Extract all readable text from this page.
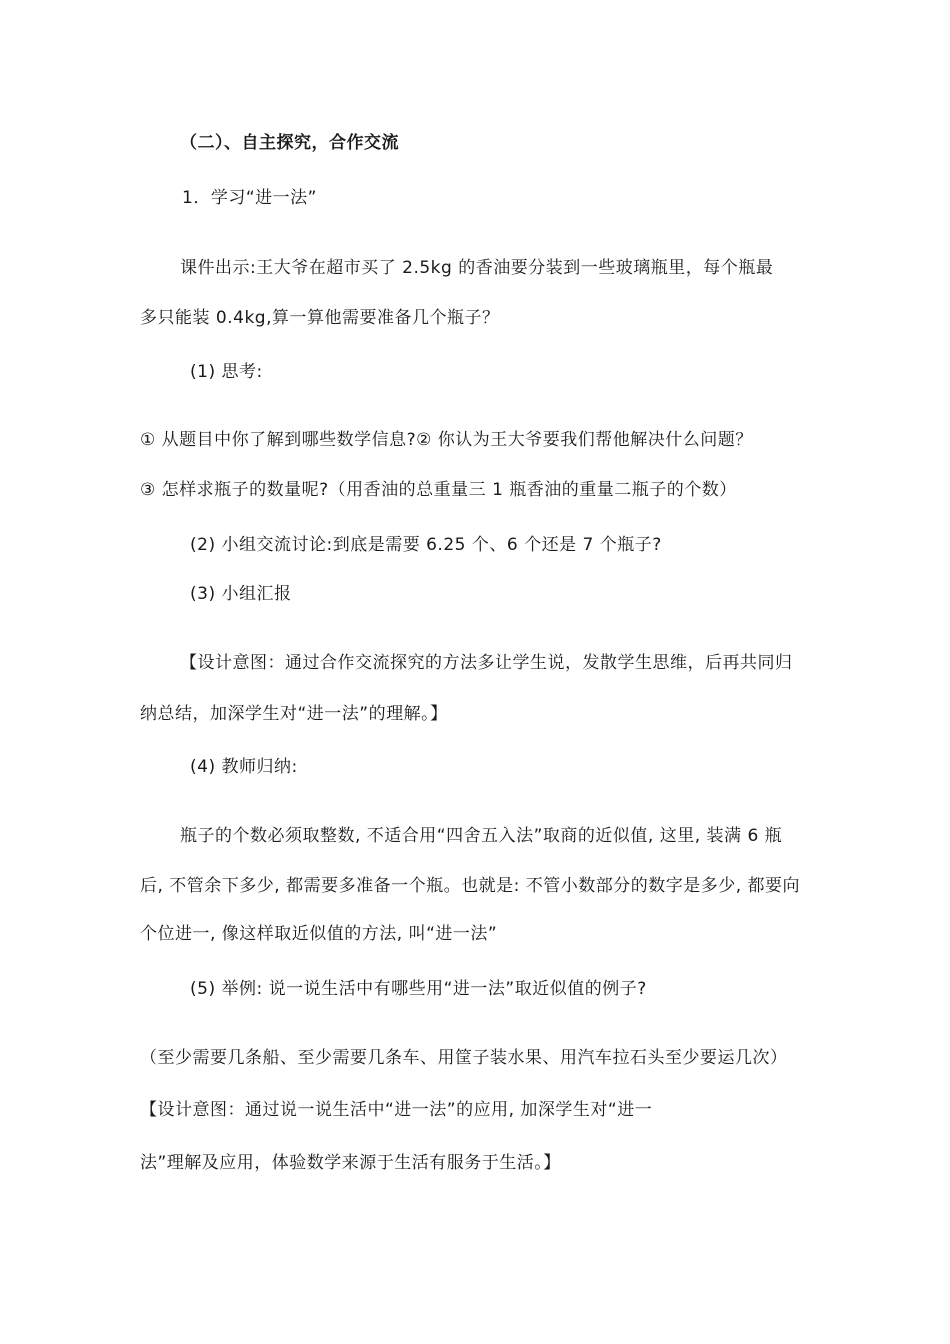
（二）、自主探究，合作交流
1．学习“进一法”
课件出示:王大爷在超市买了 2.5kg 的香油要分装到一些玻璃瓶里，每个瓶最
多只能装 0.4kg,算一算他需要准备几个瓶子？
(1) 思考:
① 从题目中你了解到哪些数学信息?② 你认为王大爷要我们帮他解决什么问题？
③ 怎样求瓶子的数量呢?（用香油的总重量三 1 瓶香油的重量二瓶子的个数）
(2) 小组交流讨论:到底是需要 6.25 个、6 个还是 7 个瓶子?
(3) 小组汇报
【设计意图：通过合作交流探究的方法多让学生说，发散学生思维，后再共同归
纳总结，加深学生对“进一法”的理解。】
(4) 教师归纳:
瓶子的个数必须取整数, 不适合用“四舍五入法”取商的近似值, 这里, 装满 6 瓶
后, 不管余下多少, 都需要多准备一个瓶。也就是: 不管小数部分的数字是多少, 都要向
个位进一, 像这样取近似值的方法, 叫“进一法”
(5) 举例: 说一说生活中有哪些用“进一法”取近似值的例子?
（至少需要几条船、至少需要几条车、用筐子装水果、用汽车拉石头至少要运几次）
【设计意图：通过说一说生活中“进一法”的应用, 加深学生对“进一
法”理解及应用，体验数学来源于生活有服务于生活。】
